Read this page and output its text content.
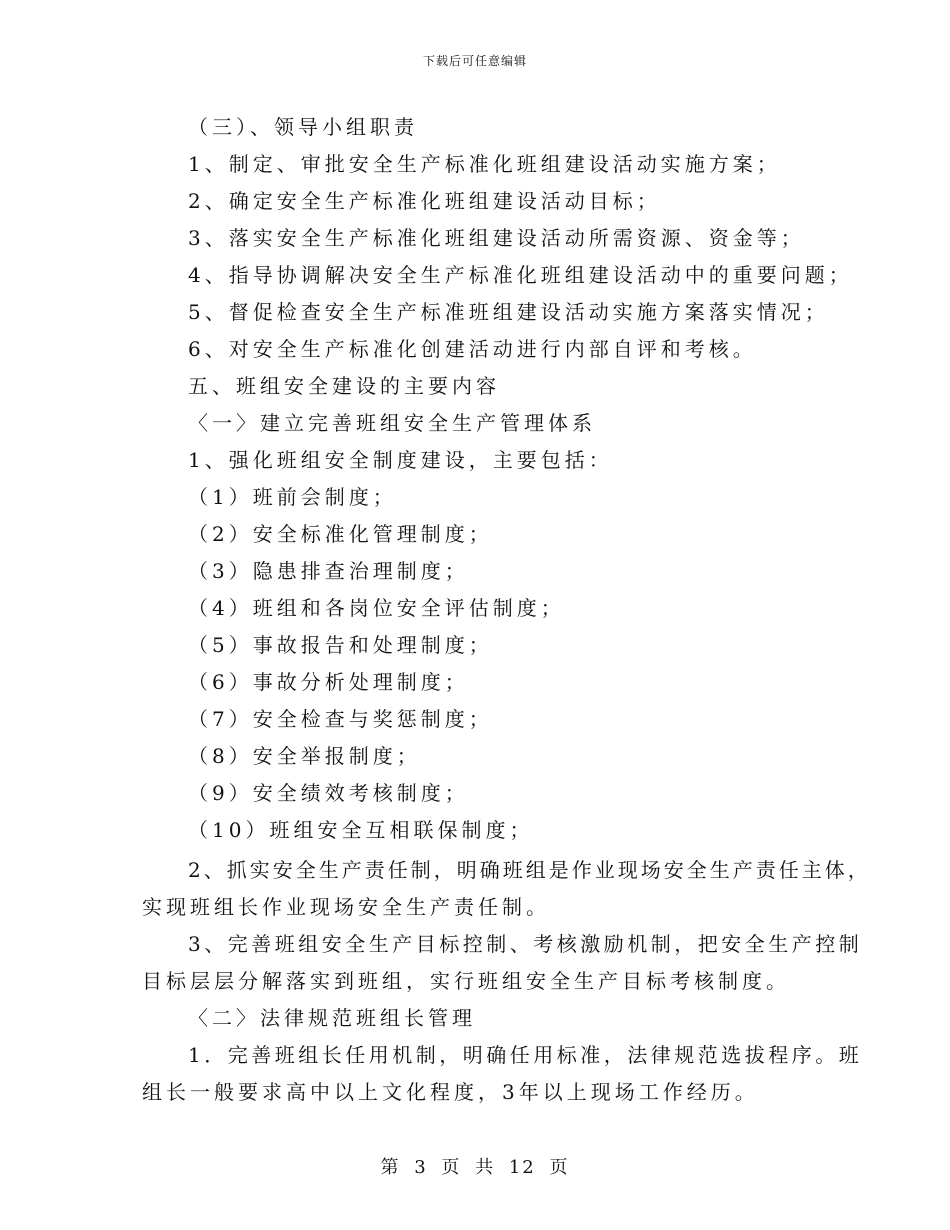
下载后可任意编辑
（三）、领导小组职责
1、制定、审批安全生产标准化班组建设活动实施方案；
2、确定安全生产标准化班组建设活动目标；
3、落实安全生产标准化班组建设活动所需资源、资金等；
4、指导协调解决安全生产标准化班组建设活动中的重要问题；
5、督促检查安全生产标准班组建设活动实施方案落实情况；
6、对安全生产标准化创建活动进行内部自评和考核。
五、班组安全建设的主要内容
〈一〉建立完善班组安全生产管理体系
1、强化班组安全制度建设，主要包括：
（1）班前会制度；
（2）安全标准化管理制度；
（3）隐患排查治理制度；
（4）班组和各岗位安全评估制度；
（5）事故报告和处理制度；
（6）事故分析处理制度；
（7）安全检查与奖惩制度；
（8）安全举报制度；
（9）安全绩效考核制度；
（10）班组安全互相联保制度；
2、抓实安全生产责任制，明确班组是作业现场安全生产责任主体，
实现班组长作业现场安全生产责任制。
3、完善班组安全生产目标控制、考核激励机制，把安全生产控制
目标层层分解落实到班组，实行班组安全生产目标考核制度。
〈二〉法律规范班组长管理
1．完善班组长任用机制，明确任用标准，法律规范选拔程序。班
组长一般要求高中以上文化程度，3年以上现场工作经历。
第 3 页 共 12 页
